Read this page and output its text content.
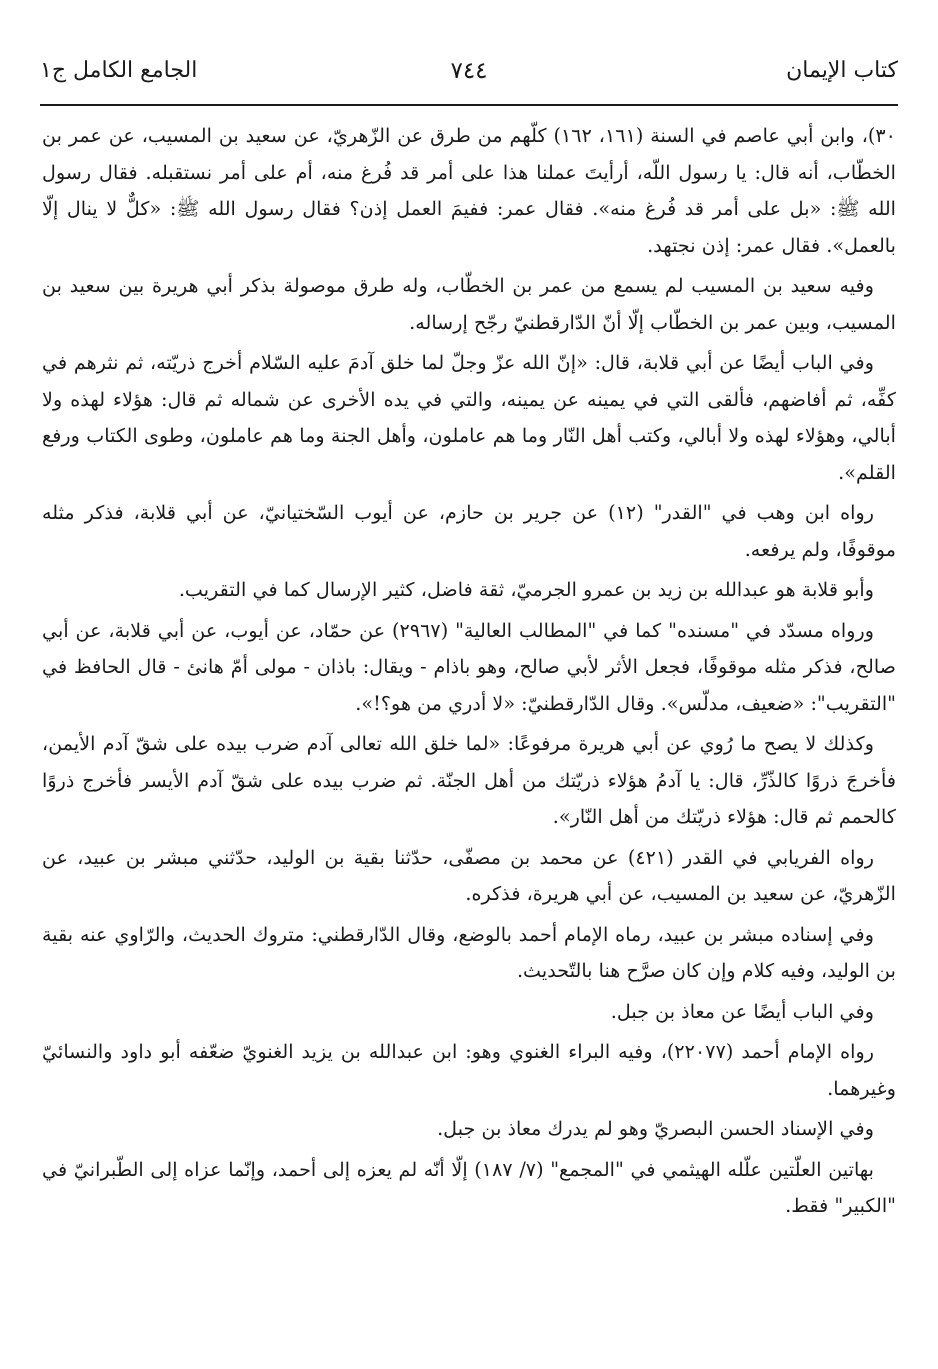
كتاب الإيمان
٧٤٤
الجامع الكامل ج١

٣٠)، وابن أبي عاصم في السنة (١٦١، ١٦٢) كلّهم من طرق عن الزّهريّ، عن سعيد بن المسيب، عن عمر بن الخطّاب، أنه قال: يا رسول اللّه، أرأيتَ عملنا هذا على أمر قد فُرغ منه، أم على أمر نستقبله. فقال رسول الله ﷺ: «بل على أمر قد فُرغ منه». فقال عمر: ففيمَ العمل إذن؟ فقال رسول الله ﷺ: «كلٌّ لا ينال إلّا بالعمل». فقال عمر: إذن نجتهد.

وفيه سعيد بن المسيب لم يسمع من عمر بن الخطّاب، وله طرق موصولة بذكر أبي هريرة بين سعيد بن المسيب، وبين عمر بن الخطّاب إلّا أنّ الدّارقطنيّ رجّح إرساله.

وفي الباب أيضًا عن أبي قلابة، قال: «إنّ الله عزّ وجلّ لما خلق آدمَ عليه السّلام أخرج ذريّته، ثم نثرهم في كفِّه، ثم أفاضهم، فألقى التي في يمينه عن يمينه، والتي في يده الأخرى عن شماله ثم قال: هؤلاء لهذه ولا أبالي، وهؤلاء لهذه ولا أبالي، وكتب أهل النّار وما هم عاملون، وأهل الجنة وما هم عاملون، وطوى الكتاب ورفع القلم».

رواه ابن وهب في "القدر" (١٢) عن جرير بن حازم، عن أيوب السّختيانيّ، عن أبي قلابة، فذكر مثله موقوفًا، ولم يرفعه.

وأبو قلابة هو عبدالله بن زيد بن عمرو الجرميّ، ثقة فاضل، كثير الإرسال كما في التقريب.

ورواه مسدّد في "مسنده" كما في "المطالب العالية" (٢٩٦٧) عن حمّاد، عن أيوب، عن أبي قلابة، عن أبي صالح، فذكر مثله موقوفًا، فجعل الأثر لأبي صالح، وهو باذام - ويقال: باذان - مولى أمّ هانئ - قال الحافظ في "التقريب": «ضعيف، مدلّس». وقال الدّارقطنيّ: «لا أدري من هو؟!».

وكذلك لا يصح ما رُوي عن أبي هريرة مرفوعًا: «لما خلق الله تعالى آدم ضرب بيده على شقّ آدم الأيمن، فأخرجَ ذروًا كالذّرِّ، قال: يا آدمُ هؤلاء ذريّتك من أهل الجنّة. ثم ضرب بيده على شقّ آدم الأيسر فأخرج ذروًا كالحمم ثم قال: هؤلاء ذريّتك من أهل النّار».

رواه الفريابي في القدر (٤٢١) عن محمد بن مصفّى، حدّثنا بقية بن الوليد، حدّثني مبشر بن عبيد، عن الزّهريّ، عن سعيد بن المسيب، عن أبي هريرة، فذكره.

وفي إسناده مبشر بن عبيد، رماه الإمام أحمد بالوضع، وقال الدّارقطني: متروك الحديث، والرّاوي عنه بقية بن الوليد، وفيه كلام وإن كان صرَّح هنا بالتّحديث.

وفي الباب أيضًا عن معاذ بن جبل.

رواه الإمام أحمد (٢٢٠٧٧)، وفيه البراء الغنوي وهو: ابن عبدالله بن يزيد الغنويّ ضعّفه أبو داود والنسائيّ وغيرهما.

وفي الإسناد الحسن البصريّ وهو لم يدرك معاذ بن جبل.

بهاتين العلّتين علّله الهيثمي في "المجمع" (٧/ ١٨٧) إلّا أنّه لم يعزه إلى أحمد، وإنّما عزاه إلى الطّبرانيّ في "الكبير" فقط.
